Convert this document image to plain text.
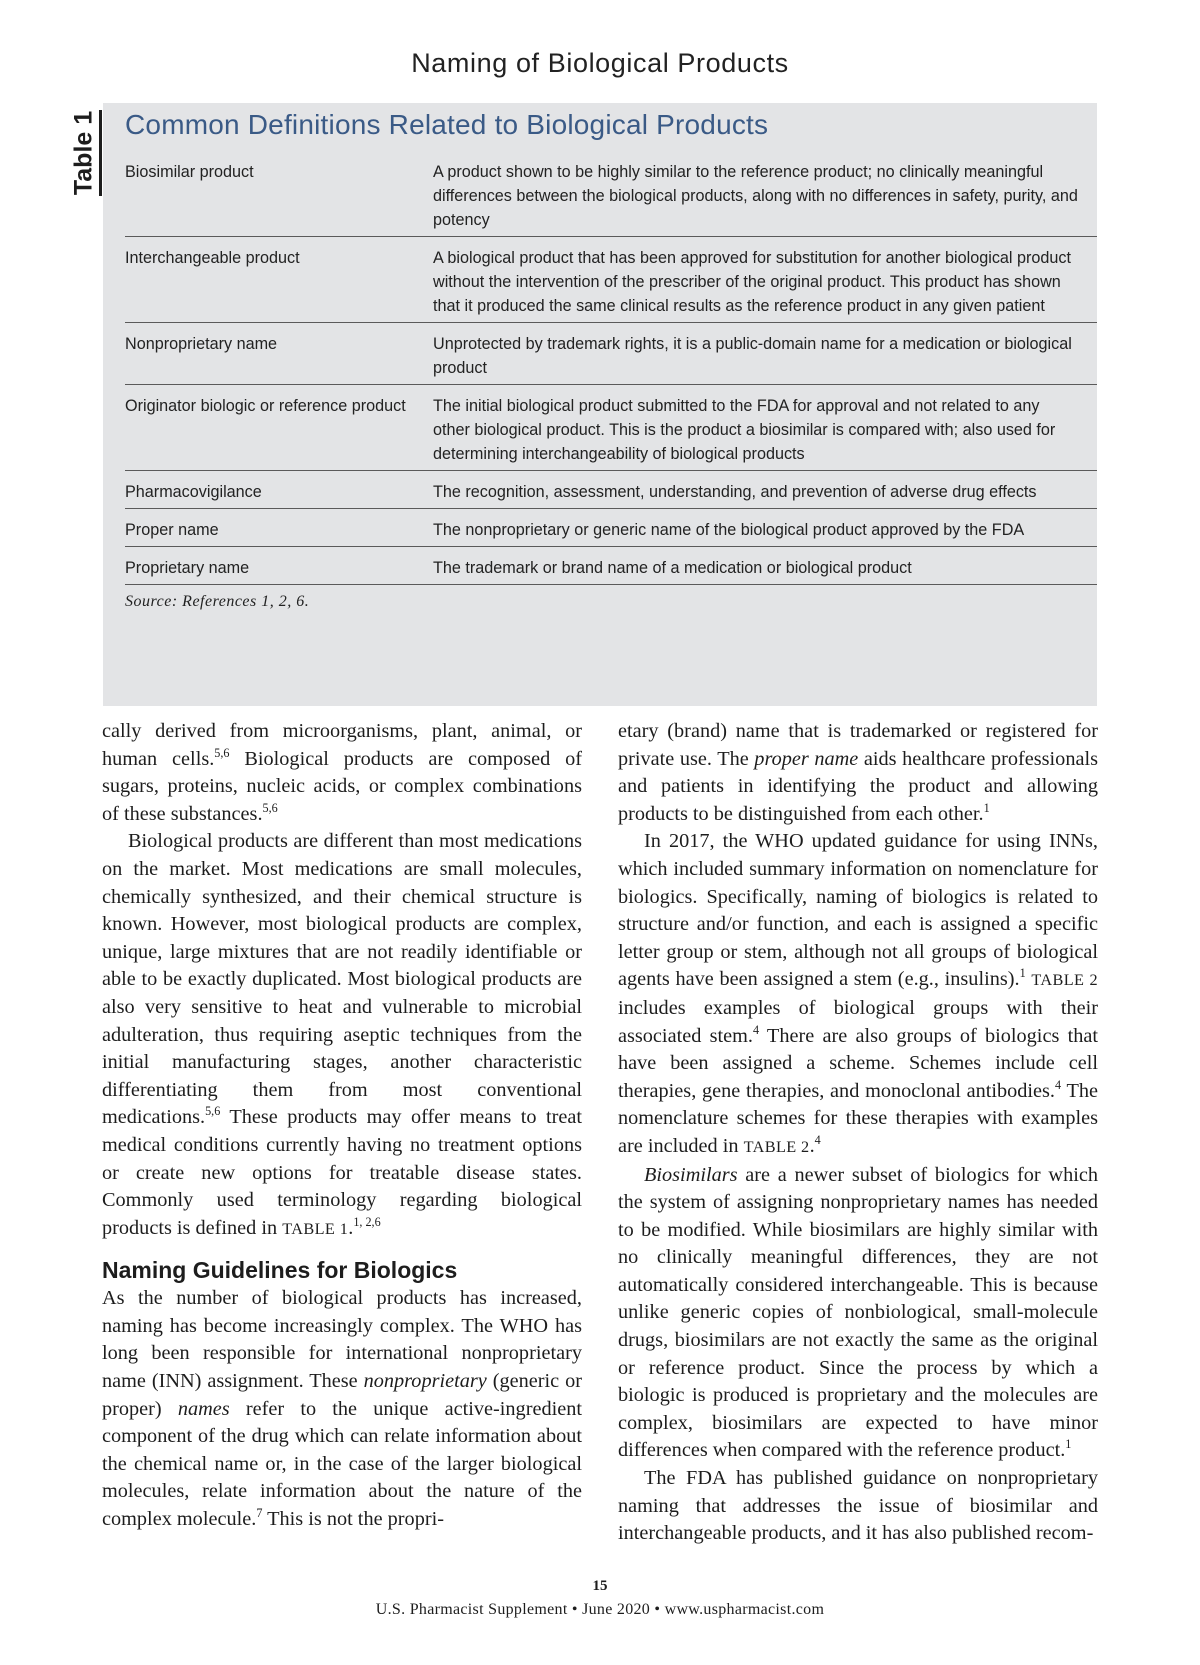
Naming of Biological Products
Table 1 Common Definitions Related to Biological Products
Biosimilar product	A product shown to be highly similar to the reference product; no clinically meaningful differences between the biological products, along with no differences in safety, purity, and potency
Interchangeable product	A biological product that has been approved for substitution for another biological product without the intervention of the prescriber of the original product. This product has shown that it produced the same clinical results as the reference product in any given patient
Nonproprietary name	Unprotected by trademark rights, it is a public-domain name for a medication or biological product
Originator biologic or reference product	The initial biological product submitted to the FDA for approval and not related to any other biological product. This is the product a biosimilar is compared with; also used for determining interchangeability of biological products
Pharmacovigilance	The recognition, assessment, understanding, and prevention of adverse drug effects
Proper name	The nonproprietary or generic name of the biological product approved by the FDA
Proprietary name	The trademark or brand name of a medication or biological product
Source: References 1, 2, 6.

cally derived from microorganisms, plant, animal, or human cells.$^{5,6}$ Biological products are composed of sugars, proteins, nucleic acids, or complex combinations of these substances.$^{5,6}$

Biological products are different than most medications on the market. Most medications are small molecules, chemically synthesized, and their chemical structure is known. However, most biological products are complex, unique, large mixtures that are not readily identifiable or able to be exactly duplicated. Most biological products are also very sensitive to heat and vulnerable to microbial adulteration, thus requiring aseptic techniques from the initial manufacturing stages, another characteristic differentiating them from most conventional medications.$^{5,6}$ These products may offer means to treat medical conditions currently having no treatment options or create new options for treatable disease states. Commonly used terminology regarding biological products is defined in TABLE 1.$^{1, 2,6}$

Naming Guidelines for Biologics

As the number of biological products has increased, naming has become increasingly complex. The WHO has long been responsible for international nonproprietary name (INN) assignment. These nonproprietary (generic or proper) names refer to the unique active-ingredient component of the drug which can relate information about the chemical name or, in the case of the larger biological molecules, relate information about the nature of the complex molecule.$^7$ This is not the propri-

etary (brand) name that is trademarked or registered for private use. The proper name aids healthcare professionals and patients in identifying the product and allowing products to be distinguished from each other.$^1$

In 2017, the WHO updated guidance for using INNs, which included summary information on nomenclature for biologics. Specifically, naming of biologics is related to structure and/or function, and each is assigned a specific letter group or stem, although not all groups of biological agents have been assigned a stem (e.g., insulins).$^1$ TABLE 2 includes examples of biological groups with their associated stem.$^4$ There are also groups of biologics that have been assigned a scheme. Schemes include cell therapies, gene therapies, and monoclonal antibodies.$^4$ The nomenclature schemes for these therapies with examples are included in TABLE 2.$^4$

Biosimilars are a newer subset of biologics for which the system of assigning nonproprietary names has needed to be modified. While biosimilars are highly similar with no clinically meaningful differences, they are not automatically considered interchangeable. This is because unlike generic copies of nonbiological, small-molecule drugs, biosimilars are not exactly the same as the original or reference product. Since the process by which a biologic is produced is proprietary and the molecules are complex, biosimilars are expected to have minor differences when compared with the reference product.$^1$

The FDA has published guidance on nonproprietary naming that addresses the issue of biosimilar and interchangeable products, and it has also published recom-

15
U.S. Pharmacist Supplement • June 2020 • www.uspharmacist.com
